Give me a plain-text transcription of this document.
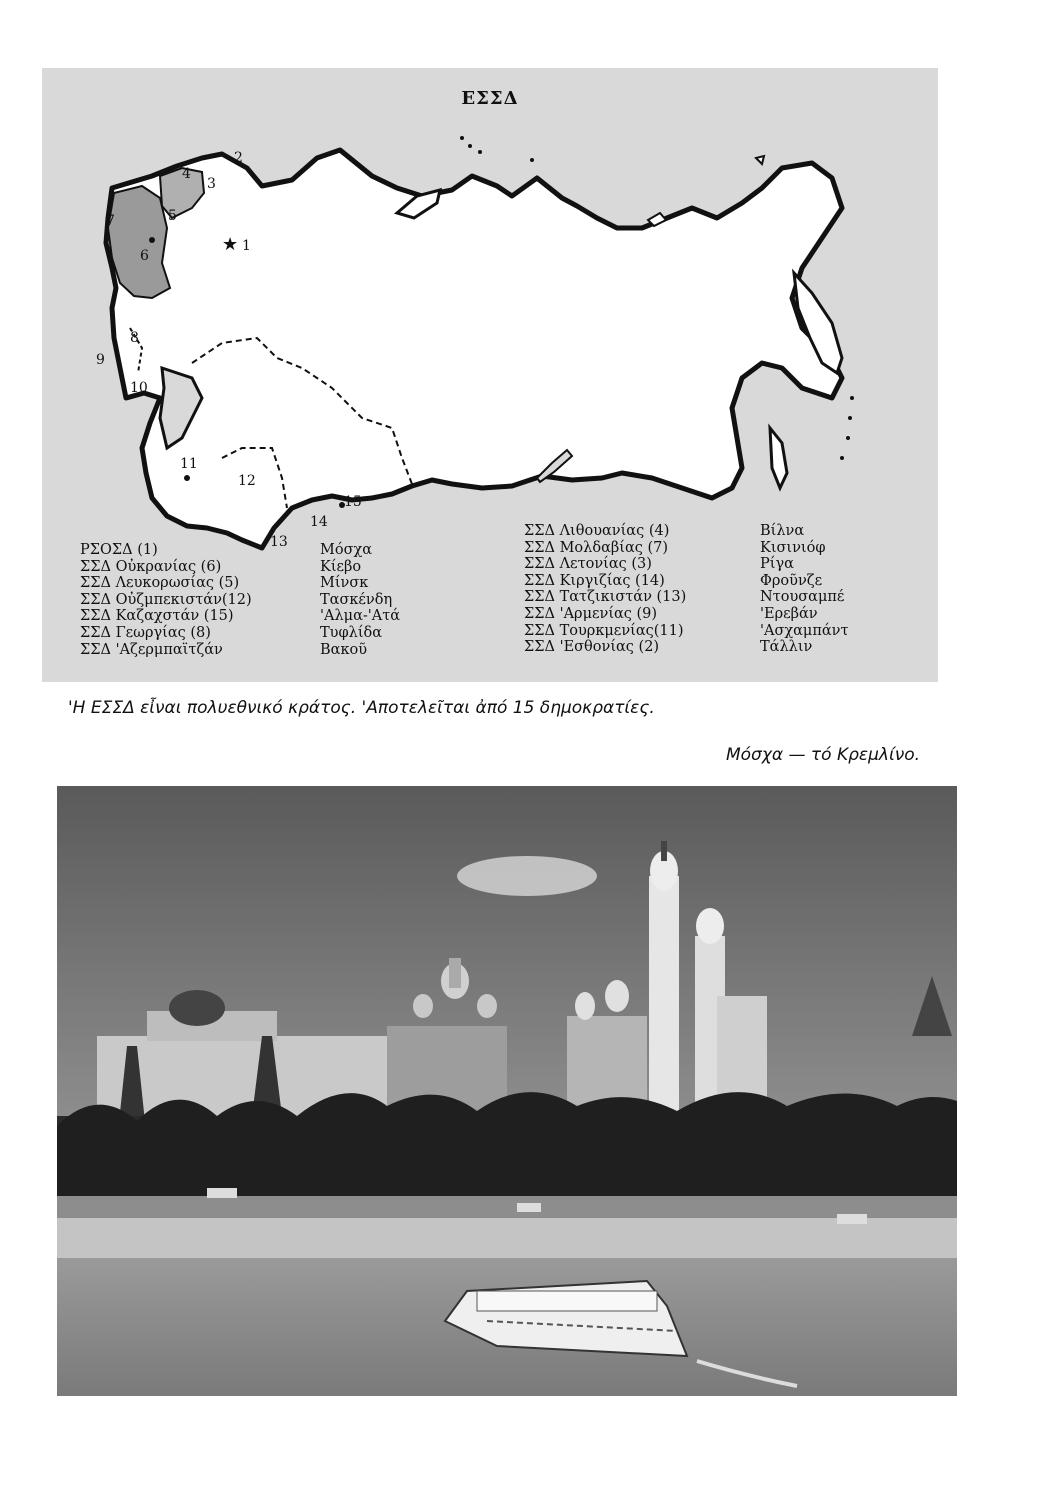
★
ΕΣΣΔ
1
2
3
4
5
6
7
8
9
10
11
12
13
14
15
ΡΣΟΣΔ (1)
ΣΣΔ Οὐκρανίας (6)
ΣΣΔ Λευκορωσίας (5)
ΣΣΔ Οὐζμπεκιστάν(12)
ΣΣΔ Καζαχστάν (15)
ΣΣΔ Γεωργίας (8)
ΣΣΔ 'Αζερμπαϊτζάν
Μόσχα
Κίεβο
Μίνσκ
Τασκένδη
'Αλμα-'Ατά
Τυφλίδα
Βακοῦ
ΣΣΔ Λιθουανίας (4)
ΣΣΔ Μολδαβίας (7)
ΣΣΔ Λετονίας (3)
ΣΣΔ Κιργιζίας (14)
ΣΣΔ Τατζικιστάν (13)
ΣΣΔ 'Αρμενίας (9)
ΣΣΔ Τουρκμενίας(11)
ΣΣΔ 'Εσθονίας (2)
Βίλνα
Κισινιόφ
Ρίγα
Φροῦνζε
Ντουσαμπέ
'Ερεβάν
'Ασχαμπάντ
Τάλλιν
'Η ΕΣΣΔ εἶναι πολυεθνικό κράτος. 'Αποτελεῖται ἀπό 15 δημοκρατίες.
Μόσχα — τό Κρεμλίνο.
